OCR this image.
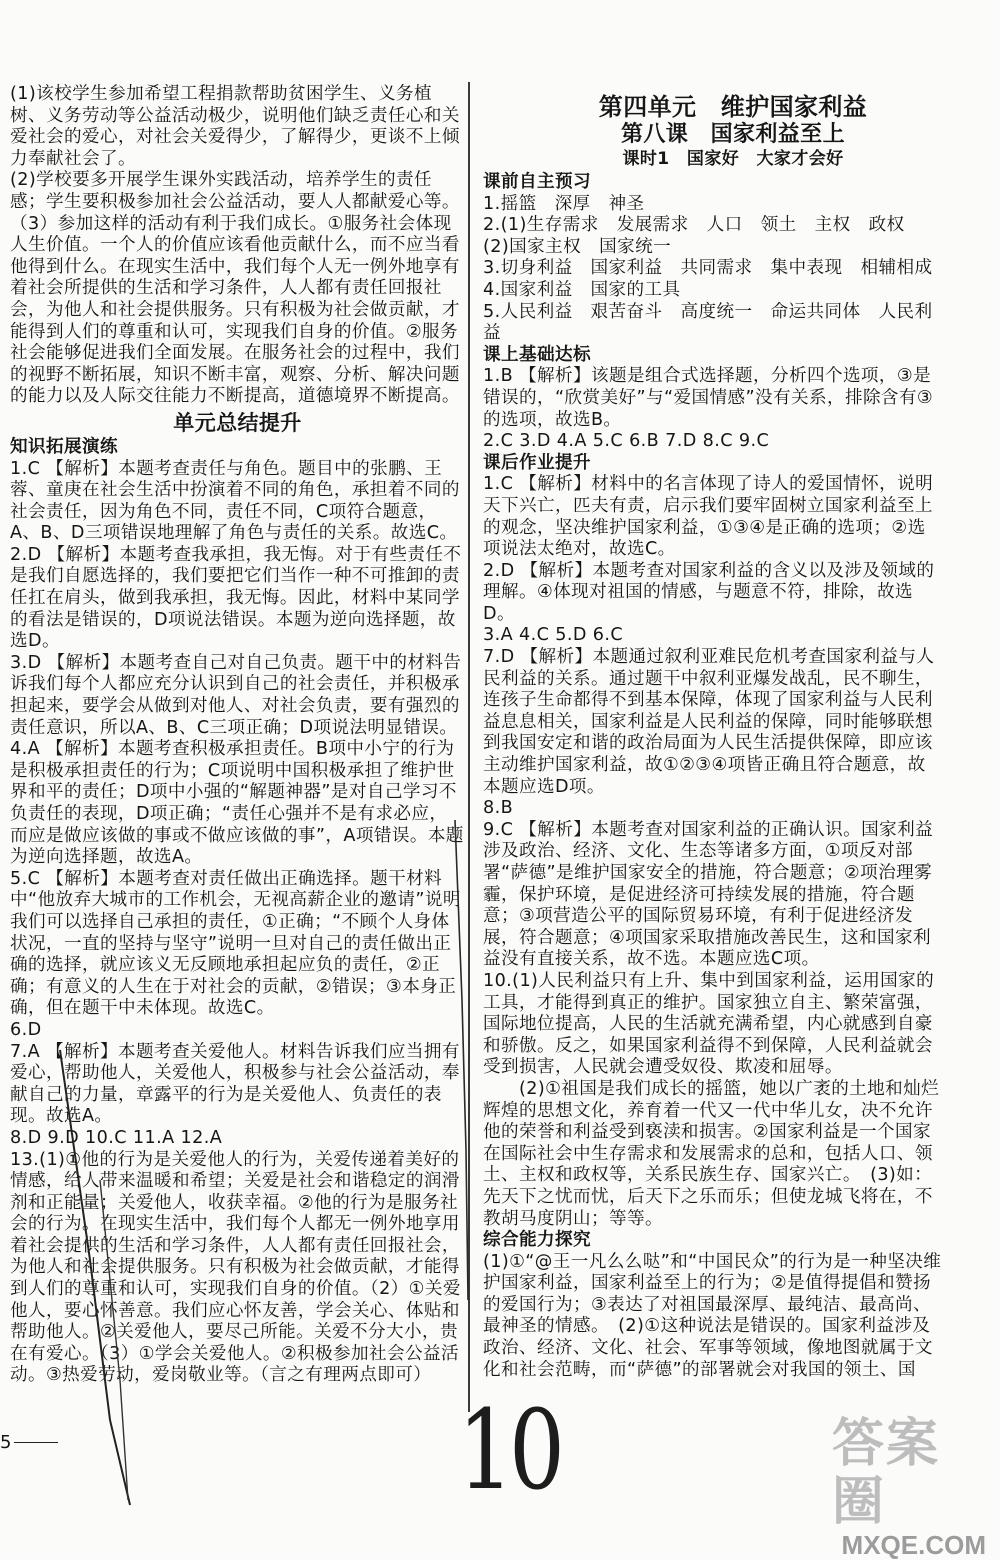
(1)该校学生参加希望工程捐款帮助贫困学生、义务植树、义务劳动等公益活动极少，说明他们缺乏责任心和关爱社会的爱心，对社会关爱得少，了解得少，更谈不上倾力奉献社会了。

(2)学校要多开展学生课外实践活动，培养学生的责任感；学生要积极参加社会公益活动，要人人都献爱心等。

（3）参加这样的活动有利于我们成长。①服务社会体现人生价值。一个人的价值应该看他贡献什么，而不应当看他得到什么。在现实生活中，我们每个人无一例外地享有着社会所提供的生活和学习条件，人人都有责任回报社会，为他人和社会提供服务。只有积极为社会做贡献，才能得到人们的尊重和认可，实现我们自身的价值。②服务社会能够促进我们全面发展。在服务社会的过程中，我们的视野不断拓展，知识不断丰富，观察、分析、解决问题的能力以及人际交往能力不断提高，道德境界不断提高。

单元总结提升

知识拓展演练

1.C 【解析】本题考查责任与角色。题目中的张鹏、王蓉、童庚在社会生活中扮演着不同的角色，承担着不同的社会责任，因为角色不同，责任不同，C项符合题意，A、B、D三项错误地理解了角色与责任的关系。故选C。

2.D 【解析】本题考查我承担，我无悔。对于有些责任不是我们自愿选择的，我们要把它们当作一种不可推卸的责任扛在肩头，做到我承担，我无悔。因此，材料中某同学的看法是错误的，D项说法错误。本题为逆向选择题，故选D。

3.D 【解析】本题考查自己对自己负责。题干中的材料告诉我们每个人都应充分认识到自己的社会责任，并积极承担起来，要学会从做到对他人、对社会负责，要有强烈的责任意识，所以A、B、C三项正确；D项说法明显错误。

4.A 【解析】本题考查积极承担责任。B项中小宁的行为是积极承担责任的行为；C项说明中国积极承担了维护世界和平的责任；D项中小强的“解题神器”是对自己学习不负责任的表现，D项正确；“责任心强并不是有求必应，而应是做应该做的事或不做应该做的事”，A项错误。本题为逆向选择题，故选A。

5.C 【解析】本题考查对责任做出正确选择。题干材料中“他放弃大城市的工作机会，无视高薪企业的邀请”说明我们可以选择自己承担的责任，①正确；“不顾个人身体状况，一直的坚持与坚守”说明一旦对自己的责任做出正确的选择，就应该义无反顾地承担起应负的责任，②正确；有意义的人生在于对社会的贡献，②错误；③本身正确，但在题干中未体现。故选C。

6.D

7.A 【解析】本题考查关爱他人。材料告诉我们应当拥有爱心，帮助他人，关爱他人，积极参与社会公益活动，奉献自己的力量，章露平的行为是关爱他人、负责任的表现。故选A。

8.D 9.D 10.C 11.A 12.A

13.(1)①他的行为是关爱他人的行为，关爱传递着美好的情感，给人带来温暖和希望；关爱是社会和谐稳定的润滑剂和正能量；关爱他人，收获幸福。②他的行为是服务社会的行为。在现实生活中，我们每个人都无一例外地享用着社会提供的生活和学习条件，人人都有责任回报社会，为他人和社会提供服务。只有积极为社会做贡献，才能得到人们的尊重和认可，实现我们自身的价值。（2）①关爱他人，要心怀善意。我们应心怀友善，学会关心、体贴和帮助他人。②关爱他人，要尽己所能。关爱不分大小，贵在有爱心。（3）①学会关爱他人。②积极参加社会公益活动。③热爱劳动，爱岗敬业等。（言之有理两点即可）

第四单元　维护国家利益
第八课　国家利益至上
课时1　国家好　大家才会好

课前自主预习

1.摇篮　深厚　神圣

2.(1)生存需求　发展需求　人口　领土　主权　政权

(2)国家主权　国家统一

3.切身利益　国家利益　共同需求　集中表现　相辅相成

4.国家利益　国家的工具

5.人民利益　艰苦奋斗　高度统一　命运共同体　人民利益

课上基础达标

1.B 【解析】该题是组合式选择题，分析四个选项，③是错误的，“欣赏美好”与“爱国情感”没有关系，排除含有③的选项，故选B。

2.C 3.D 4.A 5.C 6.B 7.D 8.C 9.C

课后作业提升

1.C 【解析】材料中的名言体现了诗人的爱国情怀，说明天下兴亡，匹夫有责，启示我们要牢固树立国家利益至上的观念，坚决维护国家利益，①③④是正确的选项；②选项说法太绝对，故选C。

2.D 【解析】本题考查对国家利益的含义以及涉及领域的理解。④体现对祖国的情感，与题意不符，排除，故选D。

3.A 4.C 5.D 6.C

7.D 【解析】本题通过叙利亚难民危机考查国家利益与人民利益的关系。通过题干中叙利亚爆发战乱，民不聊生，连孩子生命都得不到基本保障，体现了国家利益与人民利益息息相关，国家利益是人民利益的保障，同时能够联想到我国安定和谐的政治局面为人民生活提供保障，即应该主动维护国家利益，故①②③④项皆正确且符合题意，故本题应选D项。

8.B

9.C 【解析】本题考查对国家利益的正确认识。国家利益涉及政治、经济、文化、生态等诸多方面，①项反对部署“萨德”是维护国家安全的措施，符合题意；②项治理雾霾，保护环境，是促进经济可持续发展的措施，符合题意；③项营造公平的国际贸易环境，有利于促进经济发展，符合题意；④项国家采取措施改善民生，这和国家利益没有直接关系，故不选。本题应选C项。

10.(1)人民利益只有上升、集中到国家利益，运用国家的工具，才能得到真正的维护。国家独立自主、繁荣富强，国际地位提高，人民的生活就充满希望，内心就感到自豪和骄傲。反之，如果国家利益得不到保障，人民利益就会受到损害，人民就会遭受奴役、欺凌和屈辱。

　　(2)①祖国是我们成长的摇篮，她以广袤的土地和灿烂辉煌的思想文化，养育着一代又一代中华儿女，决不允许他的荣誉和利益受到亵渎和损害。②国家利益是一个国家在国际社会中生存需求和发展需求的总和，包括人口、领土、主权和政权等，关系民族生存、国家兴亡。　(3)如：先天下之忧而忧，后天下之乐而乐；但使龙城飞将在，不教胡马度阴山；等等。

综合能力探究

(1)①“@王一凡么么哒”和“中国民众”的行为是一种坚决维护国家利益，国家利益至上的行为；②是值得提倡和赞扬的爱国行为；③表达了对祖国最深厚、最纯洁、最高尚、最神圣的情感。　(2)①这种说法是错误的。国家利益涉及政治、经济、文化、社会、军事等领域，像地图就属于文化和社会范畴，而“萨德”的部署就会对我国的领土、国

5	10	答案圈
MXQE.COM
